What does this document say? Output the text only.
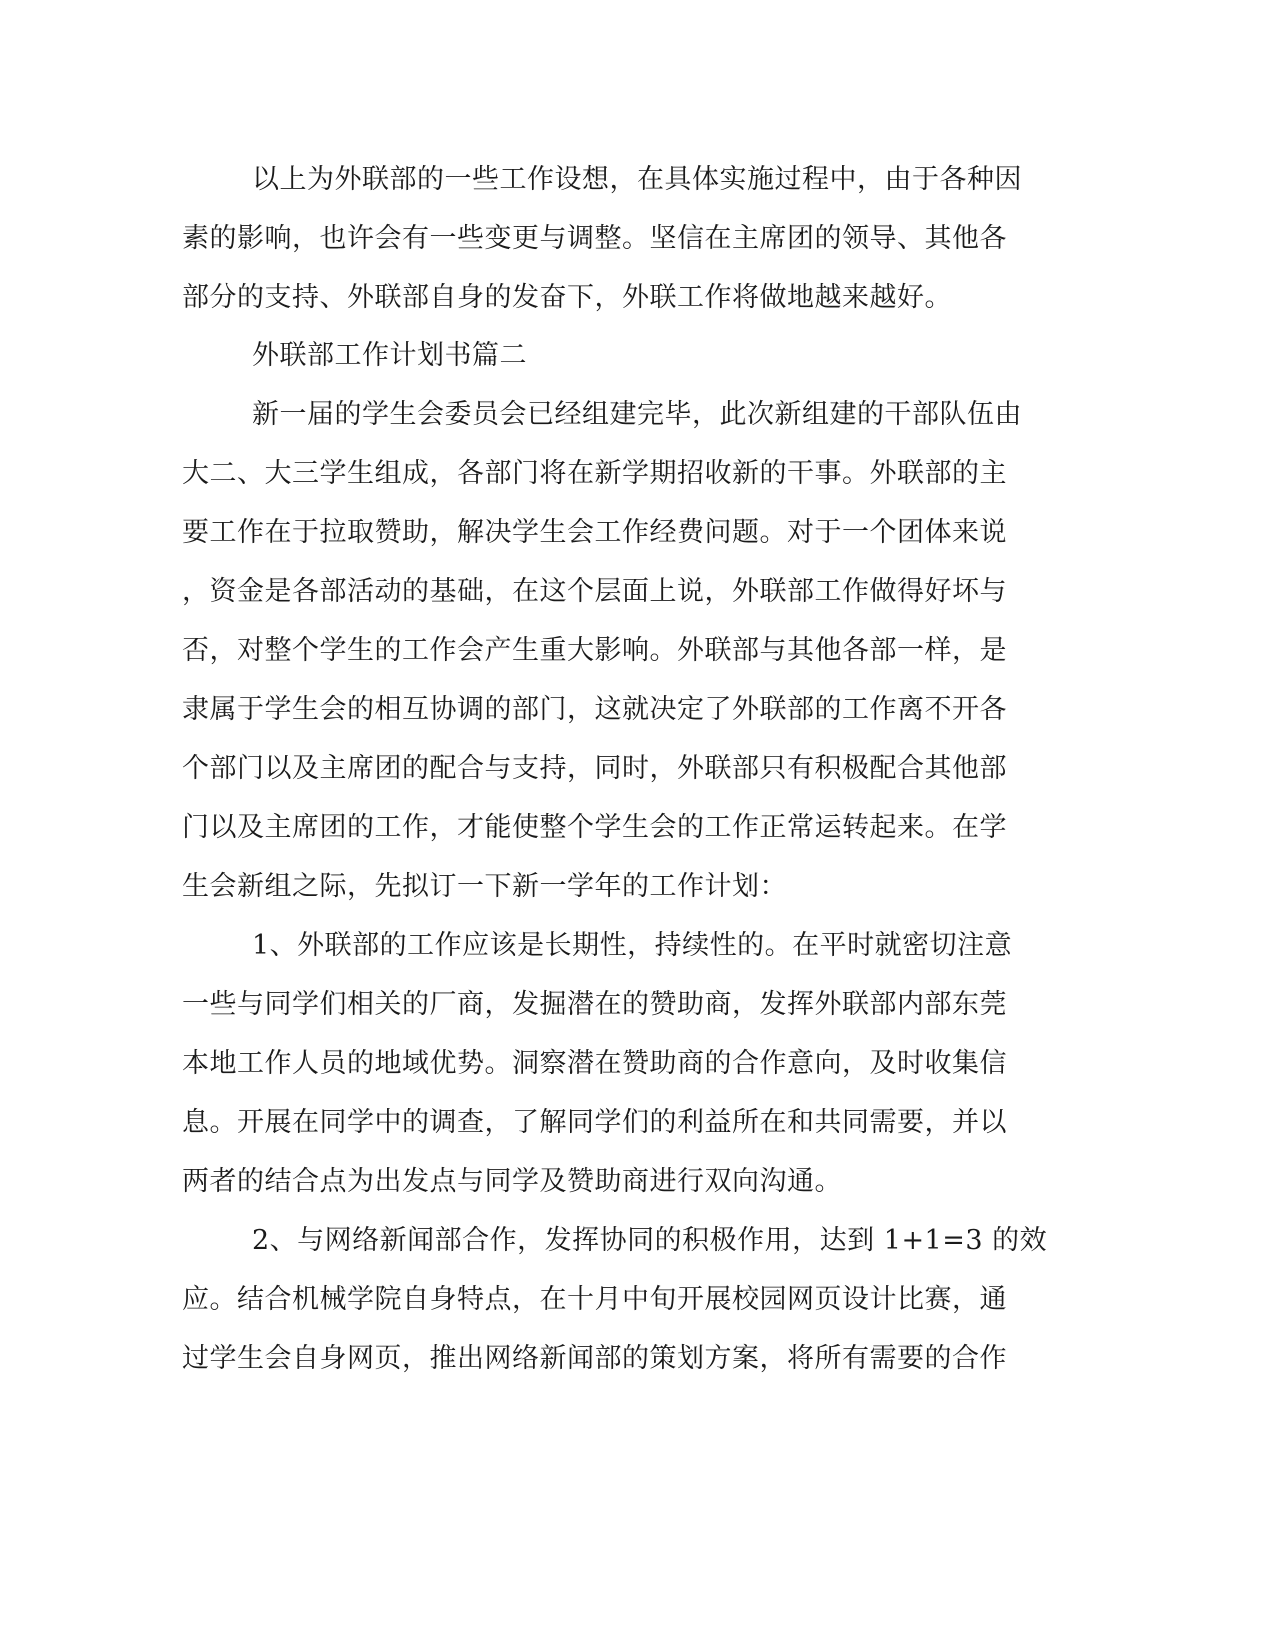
以上为外联部的一些工作设想，在具体实施过程中，由于各种因
素的影响，也许会有一些变更与调整。坚信在主席团的领导、其他各
部分的支持、外联部自身的发奋下，外联工作将做地越来越好。
外联部工作计划书篇二
新一届的学生会委员会已经组建完毕，此次新组建的干部队伍由
大二、大三学生组成，各部门将在新学期招收新的干事。外联部的主
要工作在于拉取赞助，解决学生会工作经费问题。对于一个团体来说
，资金是各部活动的基础，在这个层面上说，外联部工作做得好坏与
否，对整个学生的工作会产生重大影响。外联部与其他各部一样，是
隶属于学生会的相互协调的部门，这就决定了外联部的工作离不开各
个部门以及主席团的配合与支持，同时，外联部只有积极配合其他部
门以及主席团的工作，才能使整个学生会的工作正常运转起来。在学
生会新组之际，先拟订一下新一学年的工作计划：
1、外联部的工作应该是长期性，持续性的。在平时就密切注意
一些与同学们相关的厂商，发掘潜在的赞助商，发挥外联部内部东莞
本地工作人员的地域优势。洞察潜在赞助商的合作意向，及时收集信
息。开展在同学中的调查，了解同学们的利益所在和共同需要，并以
两者的结合点为出发点与同学及赞助商进行双向沟通。
2、与网络新闻部合作，发挥协同的积极作用，达到 1+1=3 的效
应。结合机械学院自身特点，在十月中旬开展校园网页设计比赛，通
过学生会自身网页，推出网络新闻部的策划方案，将所有需要的合作
